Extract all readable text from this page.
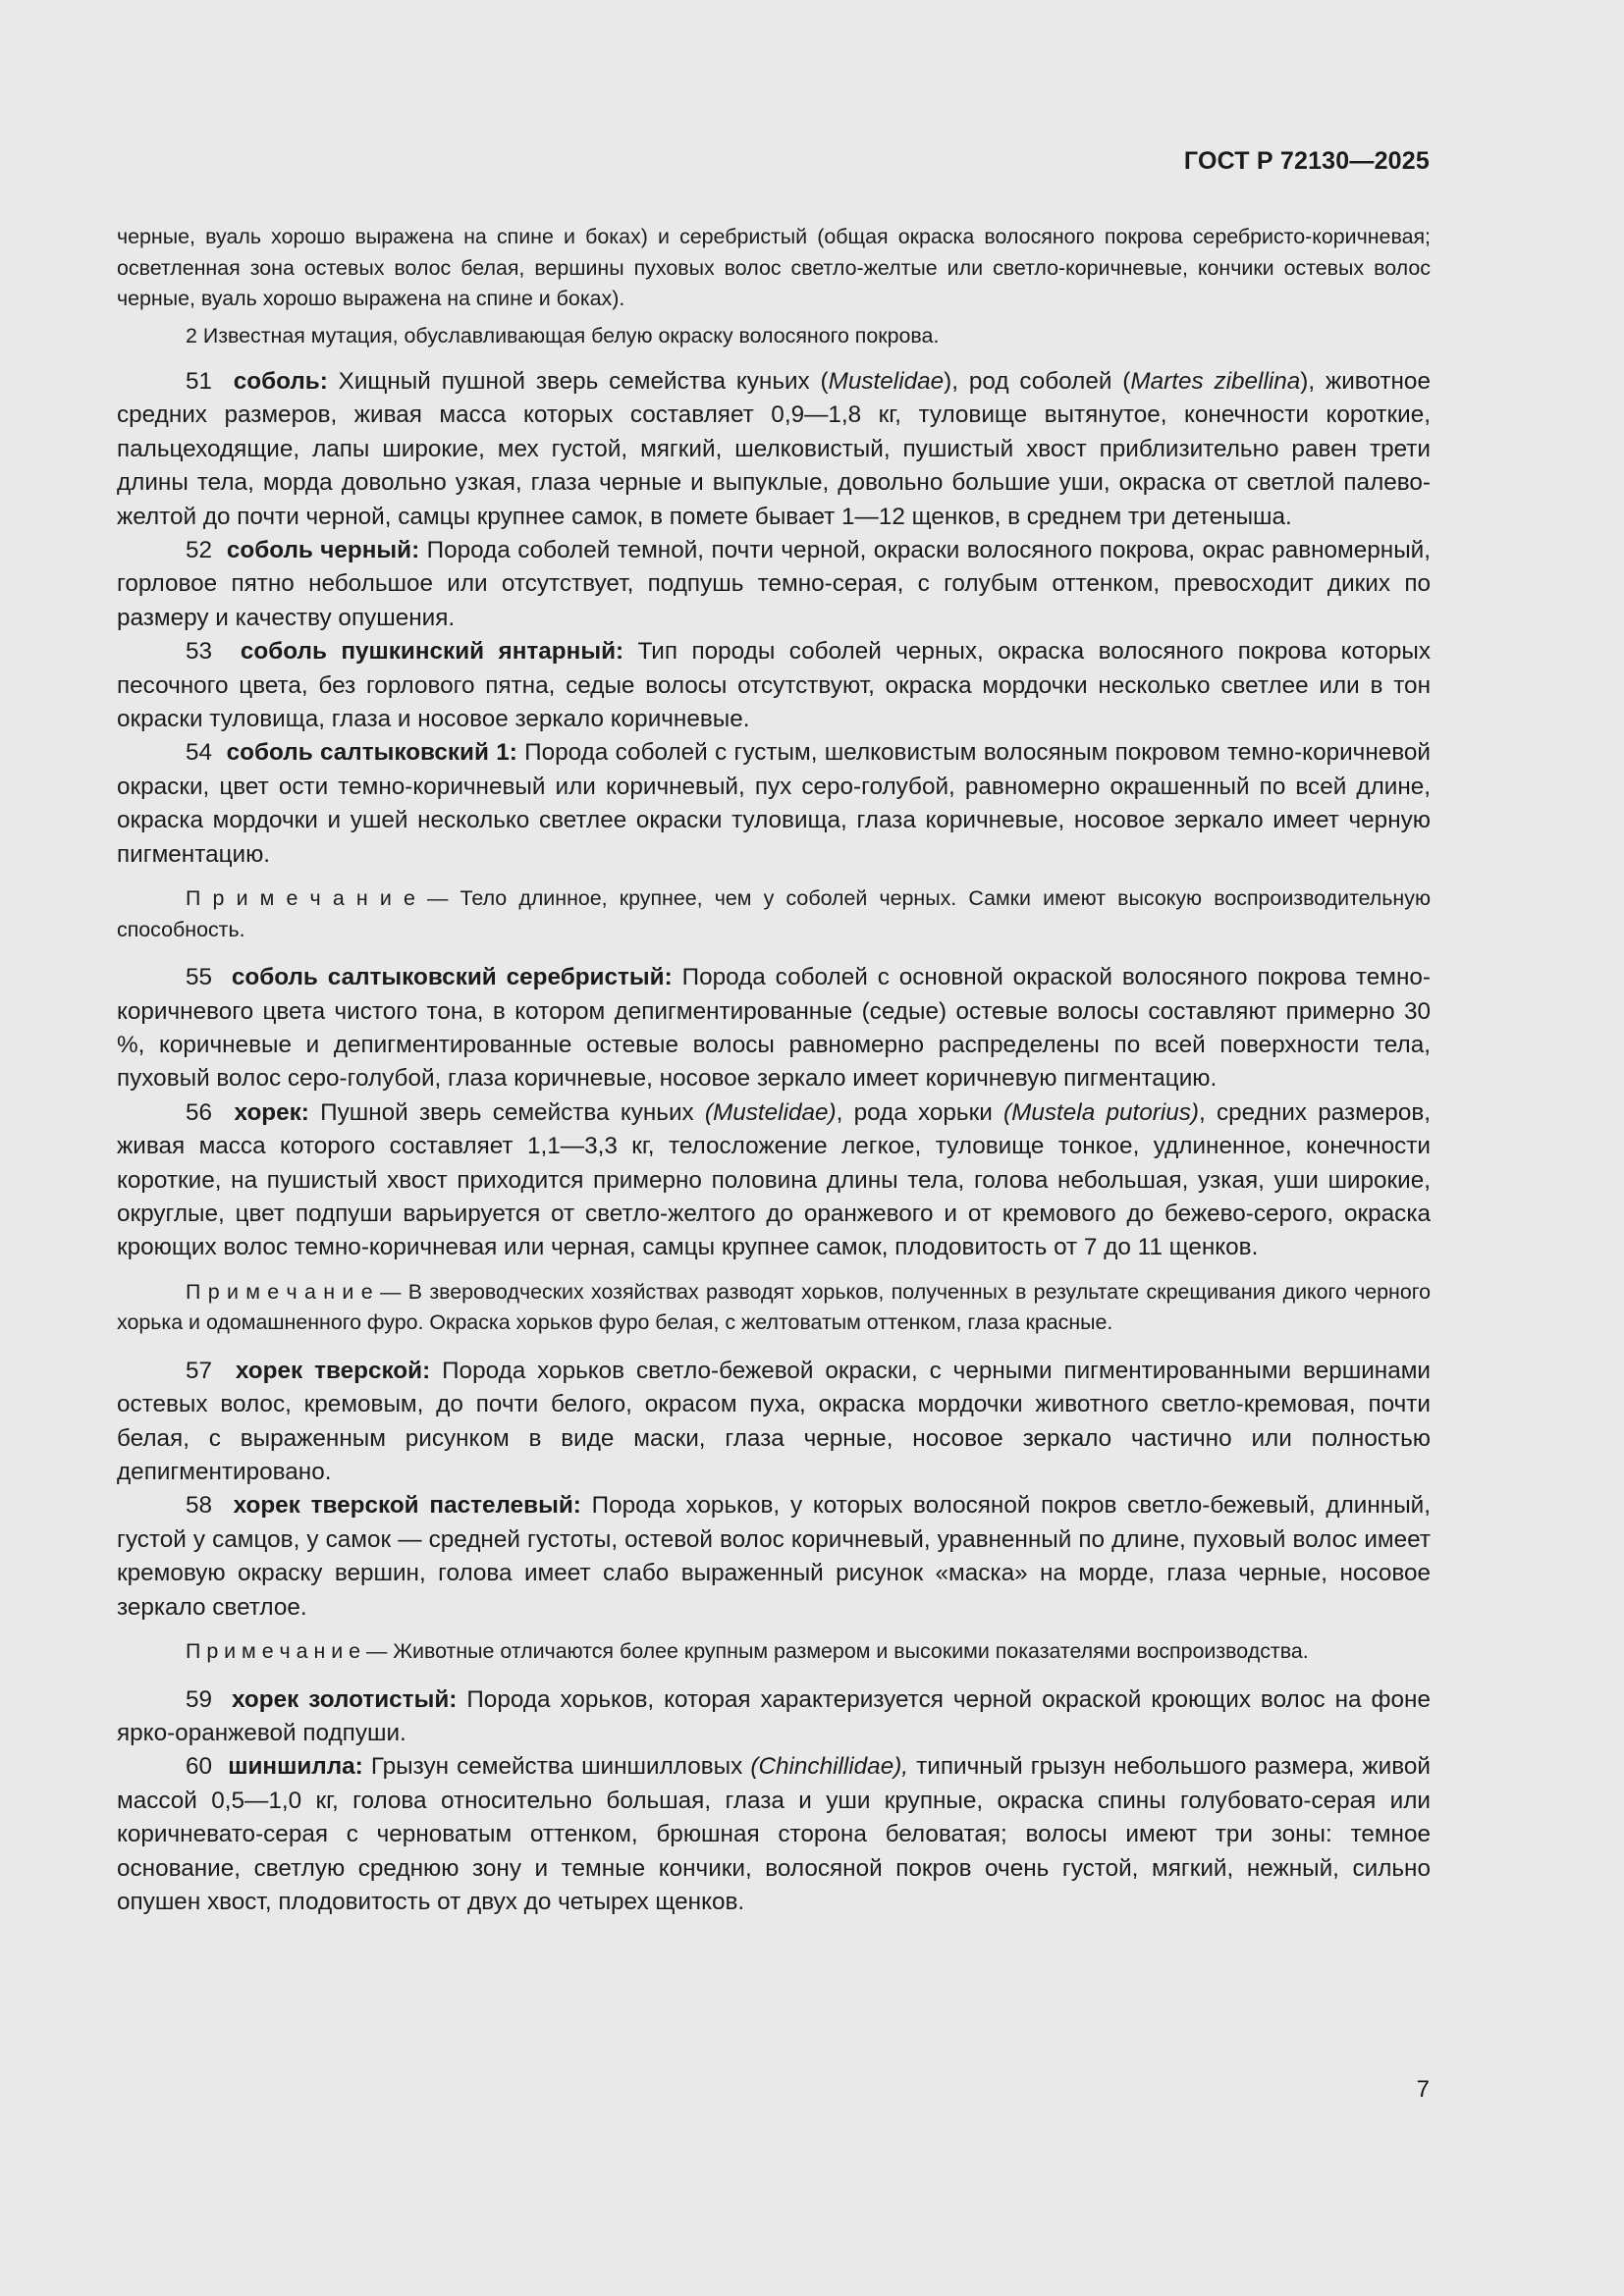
ГОСТ Р 72130—2025

черные, вуаль хорошо выражена на спине и боках) и серебристый (общая окраска волосяного покрова серебристо-коричневая; осветленная зона остевых волос белая, вершины пуховых волос светло-желтые или светло-коричневые, кончики остевых волос черные, вуаль хорошо выражена на спине и боках).

2 Известная мутация, обуславливающая белую окраску волосяного покрова.

51 соболь: Хищный пушной зверь семейства куньих (Mustelidae), род соболей (Martes zibellina), животное средних размеров, живая масса которых составляет 0,9—1,8 кг, туловище вытянутое, конечности короткие, пальцеходящие, лапы широкие, мех густой, мягкий, шелковистый, пушистый хвост приблизительно равен трети длины тела, морда довольно узкая, глаза черные и выпуклые, довольно большие уши, окраска от светлой палево-желтой до почти черной, самцы крупнее самок, в помете бывает 1—12 щенков, в среднем три детеныша.

52 соболь черный: Порода соболей темной, почти черной, окраски волосяного покрова, окрас равномерный, горловое пятно небольшое или отсутствует, подпушь темно-серая, с голубым оттенком, превосходит диких по размеру и качеству опушения.

53 соболь пушкинский янтарный: Тип породы соболей черных, окраска волосяного покрова которых песочного цвета, без горлового пятна, седые волосы отсутствуют, окраска мордочки несколько светлее или в тон окраски туловища, глаза и носовое зеркало коричневые.

54 соболь салтыковский 1: Порода соболей с густым, шелковистым волосяным покровом темно-коричневой окраски, цвет ости темно-коричневый или коричневый, пух серо-голубой, равномерно окрашенный по всей длине, окраска мордочки и ушей несколько светлее окраски туловища, глаза коричневые, носовое зеркало имеет черную пигментацию.

П р и м е ч а н и е — Тело длинное, крупнее, чем у соболей черных. Самки имеют высокую воспроизводительную способность.

55 соболь салтыковский серебристый: Порода соболей с основной окраской волосяного покрова темно-коричневого цвета чистого тона, в котором депигментированные (седые) остевые волосы составляют примерно 30 %, коричневые и депигментированные остевые волосы равномерно распределены по всей поверхности тела, пуховый волос серо-голубой, глаза коричневые, носовое зеркало имеет коричневую пигментацию.

56 хорек: Пушной зверь семейства куньих (Mustelidae), рода хорьки (Mustela putorius), средних размеров, живая масса которого составляет 1,1—3,3 кг, телосложение легкое, туловище тонкое, удлиненное, конечности короткие, на пушистый хвост приходится примерно половина длины тела, голова небольшая, узкая, уши широкие, округлые, цвет подпуши варьируется от светло-желтого до оранжевого и от кремового до бежево-серого, окраска кроющих волос темно-коричневая или черная, самцы крупнее самок, плодовитость от 7 до 11 щенков.

П р и м е ч а н и е — В звероводческих хозяйствах разводят хорьков, полученных в результате скрещивания дикого черного хорька и одомашненного фуро. Окраска хорьков фуро белая, с желтоватым оттенком, глаза красные.

57 хорек тверской: Порода хорьков светло-бежевой окраски, с черными пигментированными вершинами остевых волос, кремовым, до почти белого, окрасом пуха, окраска мордочки животного светло-кремовая, почти белая, с выраженным рисунком в виде маски, глаза черные, носовое зеркало частично или полностью депигментировано.

58 хорек тверской пастелевый: Порода хорьков, у которых волосяной покров светло-бежевый, длинный, густой у самцов, у самок — средней густоты, остевой волос коричневый, уравненный по длине, пуховый волос имеет кремовую окраску вершин, голова имеет слабо выраженный рисунок «маска» на морде, глаза черные, носовое зеркало светлое.

П р и м е ч а н и е — Животные отличаются более крупным размером и высокими показателями воспроизводства.

59 хорек золотистый: Порода хорьков, которая характеризуется черной окраской кроющих волос на фоне ярко-оранжевой подпуши.

60 шиншилла: Грызун семейства шиншилловых (Chinchillidae), типичный грызун небольшого размера, живой массой 0,5—1,0 кг, голова относительно большая, глаза и уши крупные, окраска спины голубовато-серая или коричневато-серая с черноватым оттенком, брюшная сторона беловатая; волосы имеют три зоны: темное основание, светлую среднюю зону и темные кончики, волосяной покров очень густой, мягкий, нежный, сильно опушен хвост, плодовитость от двух до четырех щенков.

7
